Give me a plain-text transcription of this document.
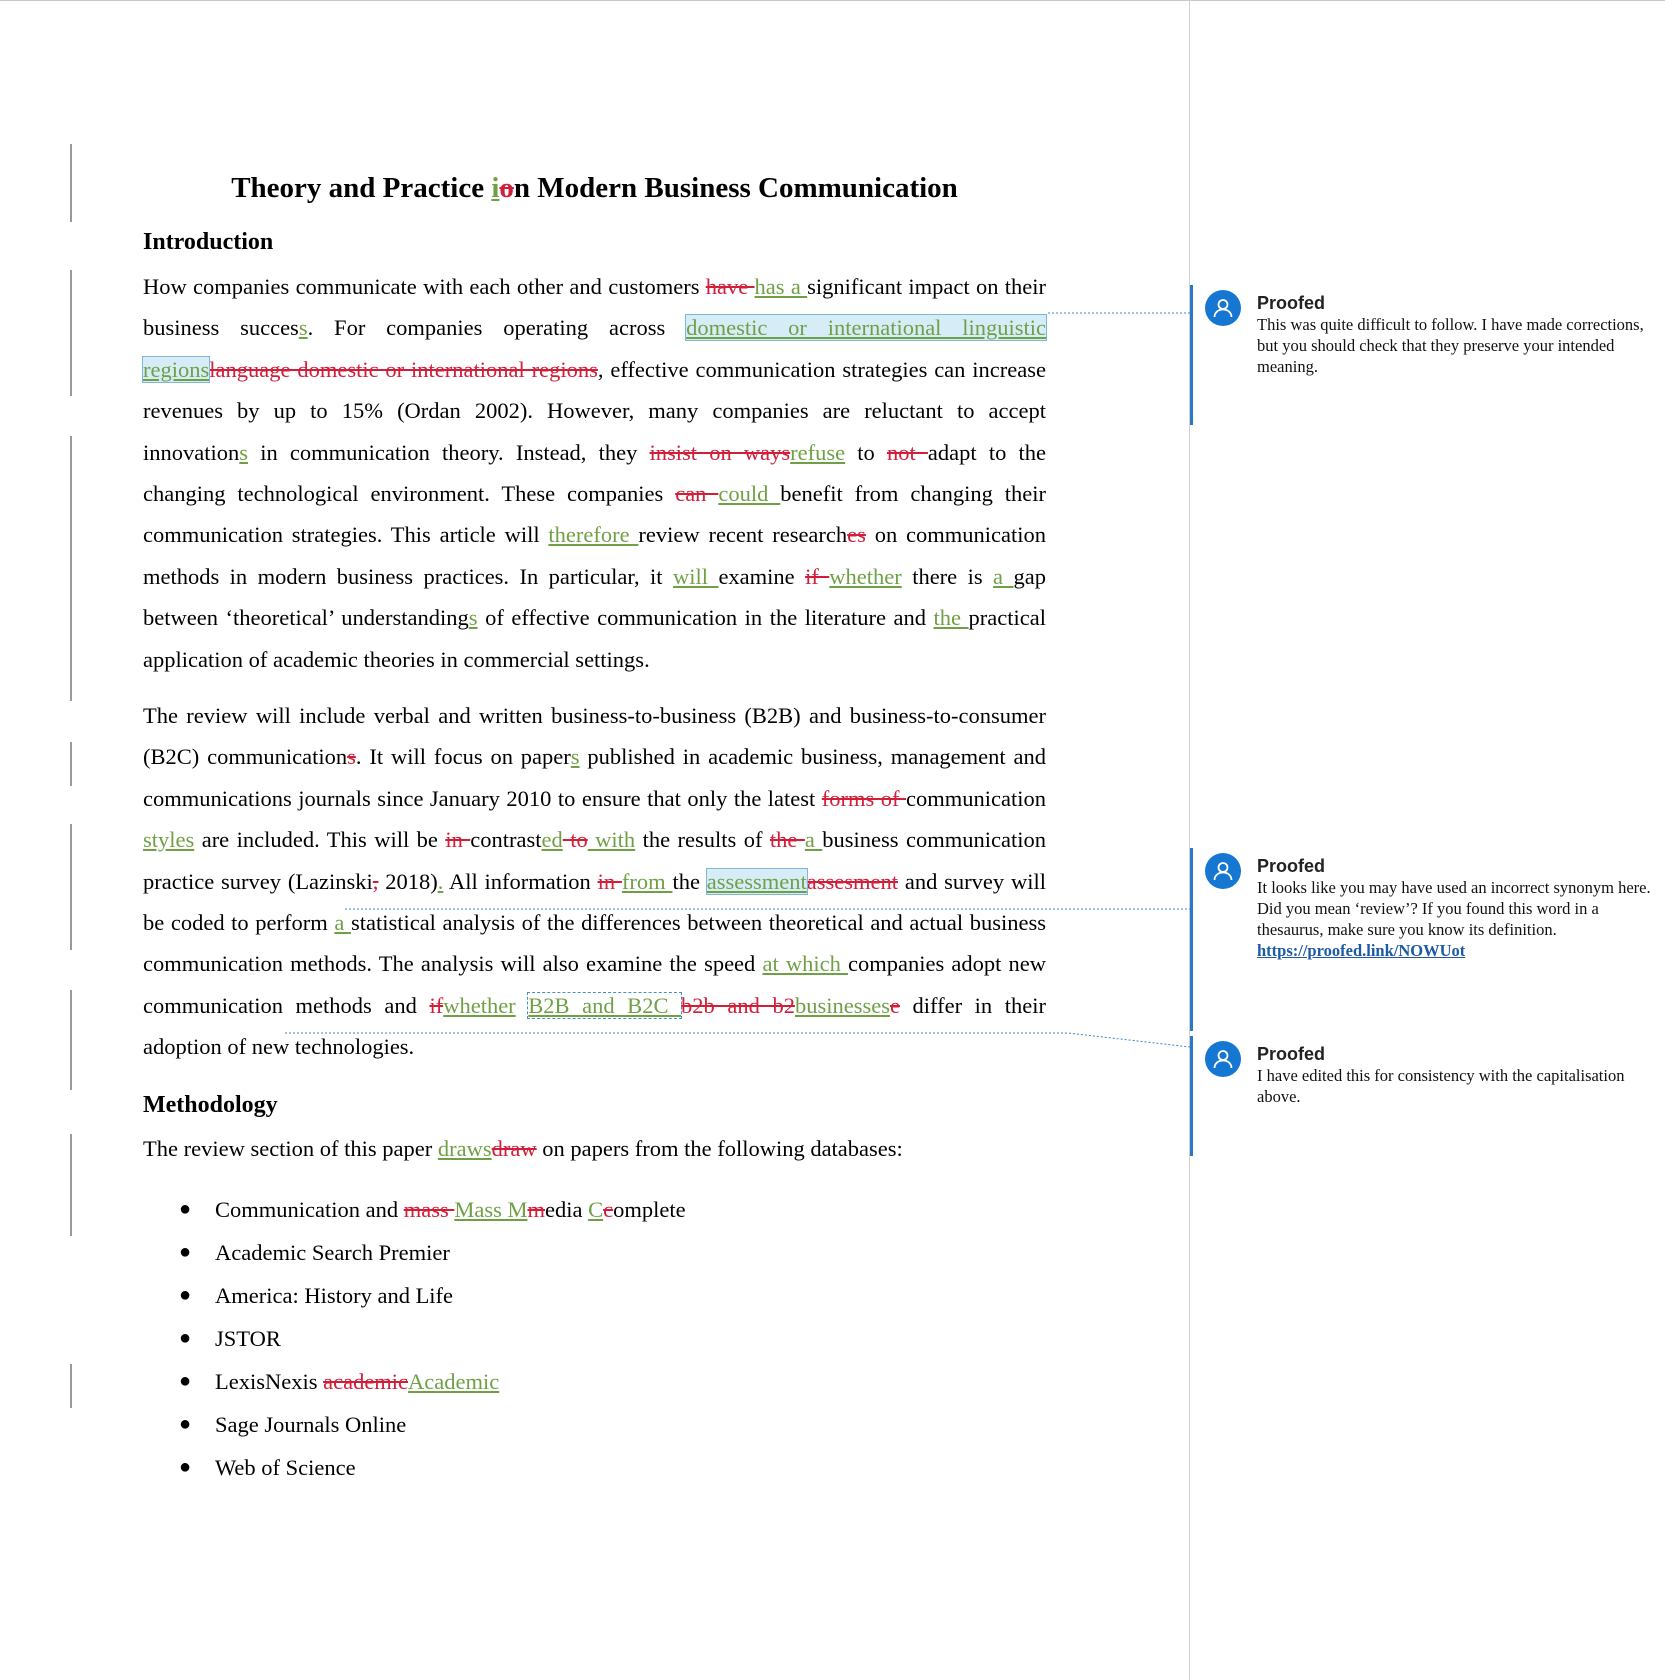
Theory and Practice ion Modern Business Communication
Introduction

How companies communicate with each other and customers have has a significant impact on their business success. For companies operating across domestic or international linguistic regionslanguage domestic or international regions, effective communication strategies can increase revenues by up to 15% (Ordan 2002). However, many companies are reluctant to accept innovations in communication theory. Instead, they insist on waysrefuse to not adapt to the changing technological environment. These companies can could benefit from changing their communication strategies. This article will therefore review recent researches on communication methods in modern business practices. In particular, it will examine if whether there is a gap between ‘theoretical’ understandings of effective communication in the literature and the practical application of academic theories in commercial settings.

The review will include verbal and written business-to-business (B2B) and business-to-consumer (B2C) communications. It will focus on papers published in academic business, management and communications journals since January 2010 to ensure that only the latest forms of communication styles are included. This will be in contrasted to with the results of the a business communication practice survey (Lazinski, 2018). All information in from the assessmentassesment and survey will be coded to perform a statistical analysis of the differences between theoretical and actual business communication methods. The analysis will also examine the speed at which companies adopt new communication methods and ifwhether B2B and B2C b2b and b2businessese differ in their adoption of new technologies.

Methodology

The review section of this paper drawsdraw on papers from the following databases:

● Communication and mass Mass Mmedia Ccomplete
● Academic Search Premier
● America: History and Life
● JSTOR
● LexisNexis academicAcademic
● Sage Journals Online
● Web of Science
Proofed
This was quite difficult to follow. I have made corrections, but you should check that they preserve your intended meaning.
Proofed
It looks like you may have used an incorrect synonym here. Did you mean ‘review’? If you found this word in a thesaurus, make sure you know its definition.
https://proofed.link/NOWUot
Proofed
I have edited this for consistency with the capitalisation above.
